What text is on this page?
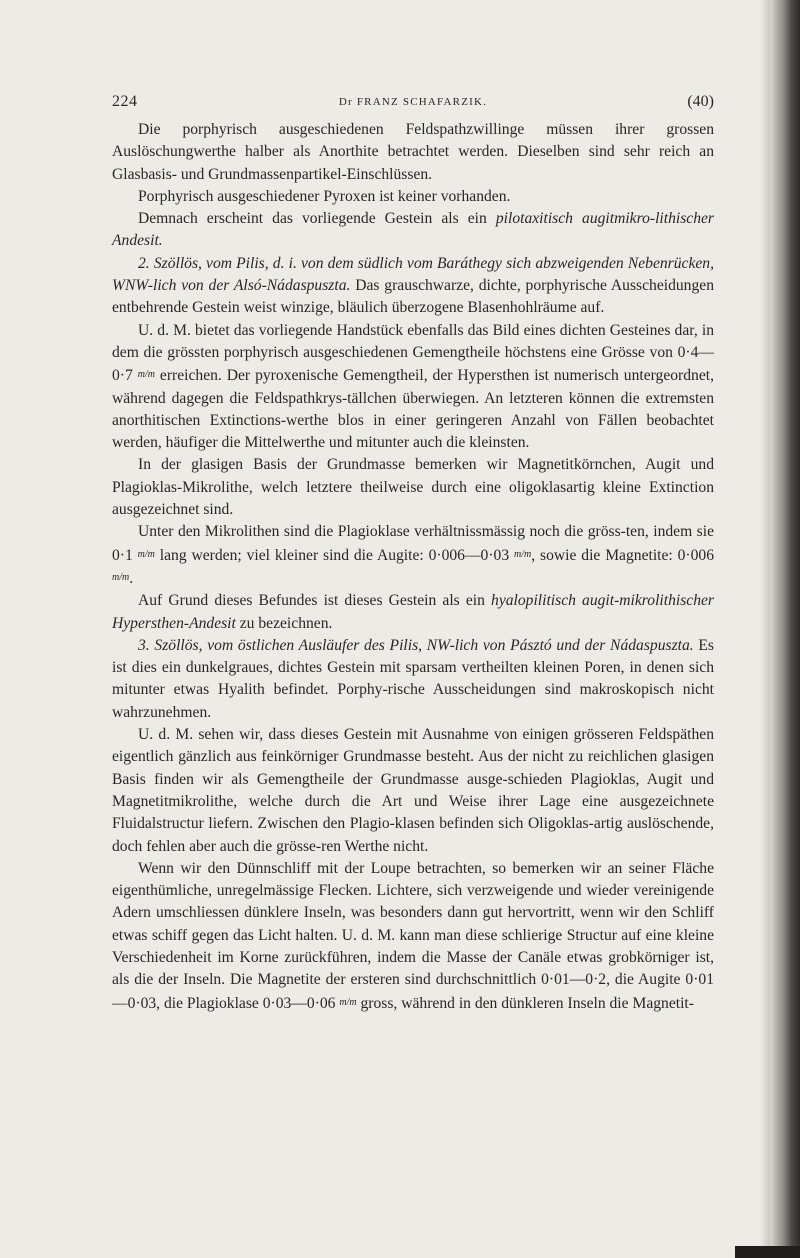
224	Dr FRANZ SCHAFARZIK.	(40)

Die porphyrisch ausgeschiedenen Feldspathzwillinge müssen ihrer grossen Auslöschungwerthe halber als Anorthite betrachtet werden. Dieselben sind sehr reich an Glasbasis- und Grundmassenpartikel-Einschlüssen.

Porphyrisch ausgeschiedener Pyroxen ist keiner vorhanden.

Demnach erscheint das vorliegende Gestein als ein pilotaxitisch augitmikro-lithischer Andesit.

2. Szöllös, vom Pilis, d. i. von dem südlich vom Baráthegy sich abzweigenden Nebenrücken, WNW-lich von der Alsó-Nádaspuszta. Das grauschwarze, dichte, porphyrische Ausscheidungen entbehrende Gestein weist winzige, bläulich überzogene Blasenhohlräume auf.

U. d. M. bietet das vorliegende Handstück ebenfalls das Bild eines dichten Gesteines dar, in dem die grössten porphyrisch ausgeschiedenen Gemengtheile höchstens eine Grösse von 0·4—0·7 m/m erreichen. Der pyroxenische Gemengtheil, der Hypersthen ist numerisch untergeordnet, während dagegen die Feldspathkrys-tällchen überwiegen. An letzteren können die extremsten anorthitischen Extinctions-werthe blos in einer geringeren Anzahl von Fällen beobachtet werden, häufiger die Mittelwerthe und mitunter auch die kleinsten.

In der glasigen Basis der Grundmasse bemerken wir Magnetitkörnchen, Augit und Plagioklas-Mikrolithe, welch letztere theilweise durch eine oligoklasartig kleine Extinction ausgezeichnet sind.

Unter den Mikrolithen sind die Plagioklase verhältnissmässig noch die gröss-ten, indem sie 0·1 m/m lang werden; viel kleiner sind die Augite: 0·006—0·03 m/m, sowie die Magnetite: 0·006 m/m.

Auf Grund dieses Befundes ist dieses Gestein als ein hyalopilitisch augit-mikrolithischer Hypersthen-Andesit zu bezeichnen.

3. Szöllös, vom östlichen Ausläufer des Pilis, NW-lich von Pásztó und der Nádaspuszta. Es ist dies ein dunkelgraues, dichtes Gestein mit sparsam vertheilten kleinen Poren, in denen sich mitunter etwas Hyalith befindet. Porphy-rische Ausscheidungen sind makroskopisch nicht wahrzunehmen.

U. d. M. sehen wir, dass dieses Gestein mit Ausnahme von einigen grösseren Feldspäthen eigentlich gänzlich aus feinkörniger Grundmasse besteht. Aus der nicht zu reichlichen glasigen Basis finden wir als Gemengtheile der Grundmasse ausge-schieden Plagioklas, Augit und Magnetitmikrolithe, welche durch die Art und Weise ihrer Lage eine ausgezeichnete Fluidalstructur liefern. Zwischen den Plagio-klasen befinden sich Oligoklas-artig auslöschende, doch fehlen aber auch die grösse-ren Werthe nicht.

Wenn wir den Dünnschliff mit der Loupe betrachten, so bemerken wir an seiner Fläche eigenthümliche, unregelmässige Flecken. Lichtere, sich verzweigende und wieder vereinigende Adern umschliessen dünklere Inseln, was besonders dann gut hervortritt, wenn wir den Schliff etwas schiff gegen das Licht halten. U. d. M. kann man diese schlierige Structur auf eine kleine Verschiedenheit im Korne zurückführen, indem die Masse der Canäle etwas grobkörniger ist, als die der Inseln. Die Magnetite der ersteren sind durchschnittlich 0·01—0·2, die Augite 0·01—0·03, die Plagioklase 0·03—0·06 m/m gross, während in den dünkleren Inseln die Magnetit-
